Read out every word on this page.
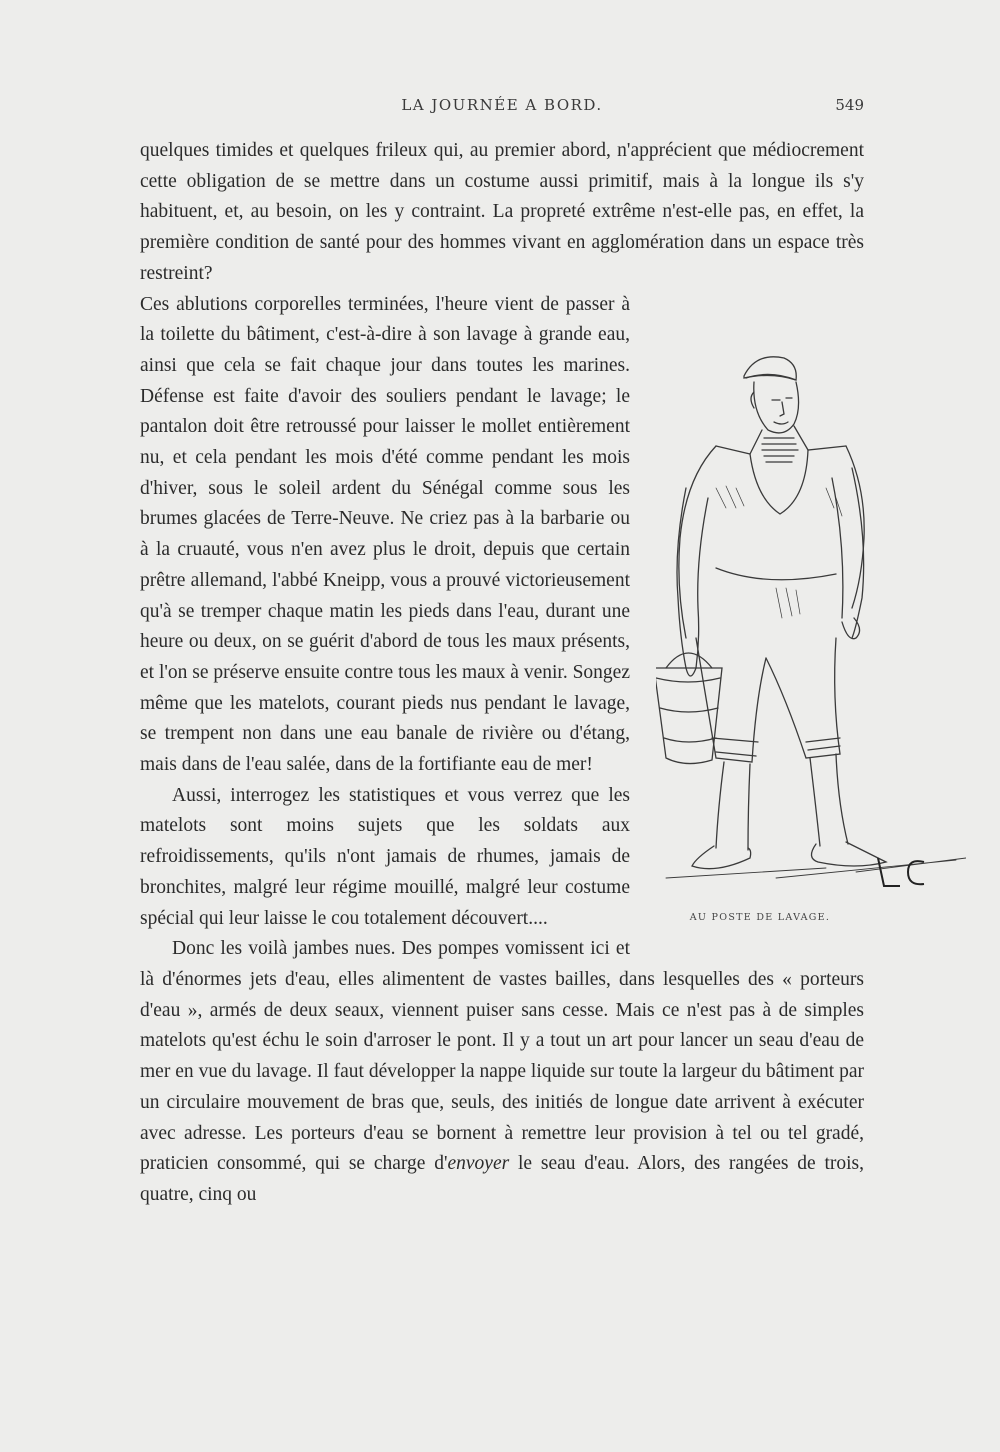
LA JOURNÉE A BORD.	549

quelques timides et quelques frileux qui, au premier abord, n'apprécient que médiocrement cette obligation de se mettre dans un costume aussi primitif, mais à la longue ils s'y habituent, et, au besoin, on les y contraint. La propreté extrême n'est-elle pas, en effet, la première condition de santé pour des hommes vivant en agglomération dans un espace très restreint?

Ces ablutions corporelles terminées, l'heure vient de passer à la toilette du bâtiment, c'est-à-dire à son lavage à grande eau, ainsi que cela se fait chaque jour dans toutes les marines. Défense est faite d'avoir des souliers pendant le lavage; le pantalon doit être retroussé pour laisser le mollet entièrement nu, et cela pendant les mois d'été comme pendant les mois d'hiver, sous le soleil ardent du Sénégal comme sous les brumes glacées de Terre-Neuve. Ne criez pas à la barbarie ou à la cruauté, vous n'en avez plus le droit, depuis que certain prêtre allemand, l'abbé Kneipp, vous a prouvé victorieusement qu'à se tremper chaque matin les pieds dans l'eau, durant une heure ou deux, on se guérit d'abord de tous les maux présents, et l'on se préserve ensuite contre tous les maux à venir. Songez même que les matelots, courant pieds nus pendant le lavage, se trempent non dans une eau banale de rivière ou d'étang, mais dans de l'eau salée, dans de la fortifiante eau de mer!

Aussi, interrogez les statistiques et vous verrez que les matelots sont moins sujets que les soldats aux refroidissements, qu'ils n'ont jamais de rhumes, jamais de bronchites, malgré leur régime mouillé, malgré leur costume spécial qui leur laisse le cou totalement découvert....

Donc les voilà jambes nues. Des pompes vomissent ici et là d'énormes jets d'eau, elles alimentent de vastes bailles, dans lesquelles des « porteurs d'eau », armés de deux seaux, viennent puiser sans cesse. Mais ce n'est pas à de simples matelots qu'est échu le soin d'arroser le pont. Il y a tout un art pour lancer un seau d'eau de mer en vue du lavage. Il faut développer la nappe liquide sur toute la largeur du bâtiment par un circulaire mouvement de bras que, seuls, des initiés de longue date arrivent à exécuter avec adresse. Les porteurs d'eau se bornent à remettre leur provision à tel ou tel gradé, praticien consommé, qui se charge d'envoyer le seau d'eau. Alors, des rangées de trois, quatre, cinq ou

AU POSTE DE LAVAGE.
